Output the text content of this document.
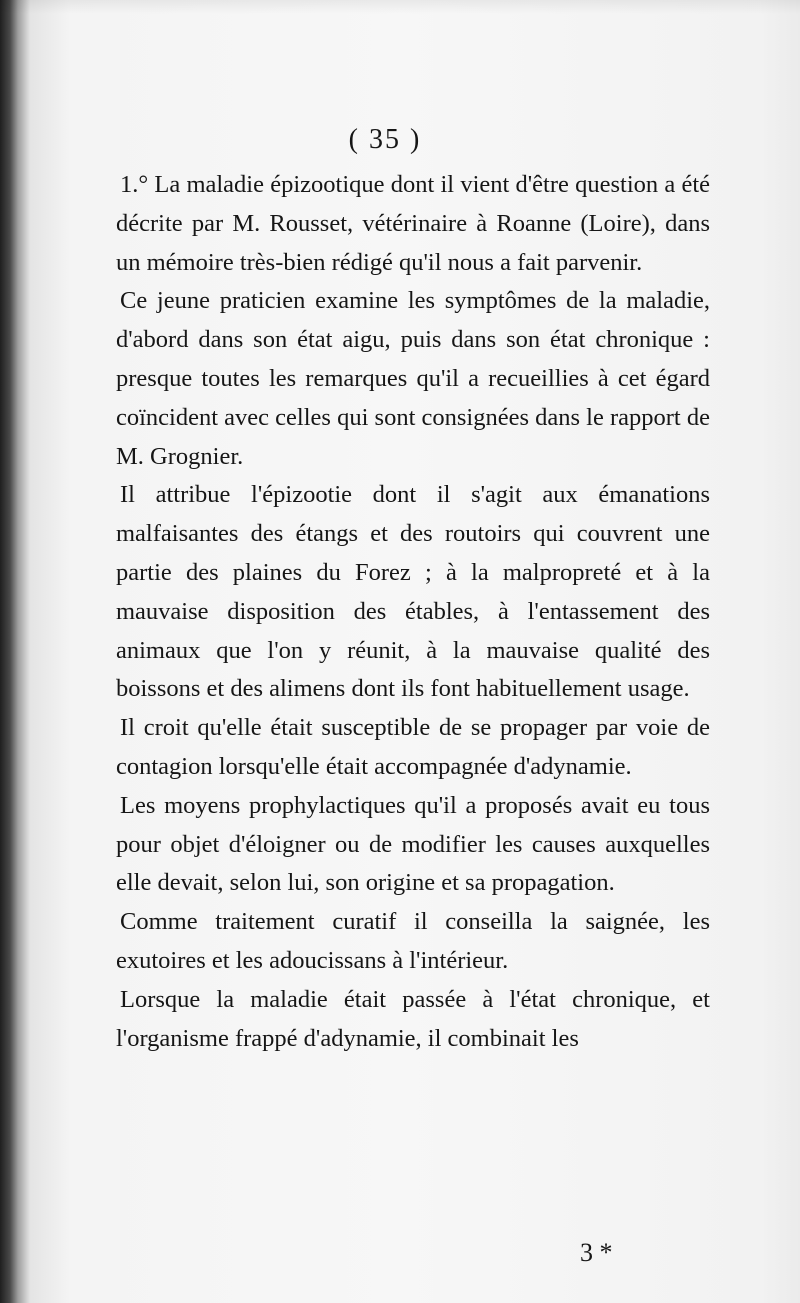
( 35 )

1.° La maladie épizootique dont il vient d'être question a été décrite par M. Rousset, vétérinaire à Roanne (Loire), dans un mémoire très-bien rédigé qu'il nous a fait parvenir.

Ce jeune praticien examine les symptômes de la maladie, d'abord dans son état aigu, puis dans son état chronique : presque toutes les remarques qu'il a recueillies à cet égard coïncident avec celles qui sont consignées dans le rapport de M. Grognier.

Il attribue l'épizootie dont il s'agit aux émanations malfaisantes des étangs et des routoirs qui couvrent une partie des plaines du Forez ; à la malpropreté et à la mauvaise disposition des étables, à l'entassement des animaux que l'on y réunit, à la mauvaise qualité des boissons et des alimens dont ils font habituellement usage.

Il croit qu'elle était susceptible de se propager par voie de contagion lorsqu'elle était accompagnée d'adynamie.

Les moyens prophylactiques qu'il a proposés avait eu tous pour objet d'éloigner ou de modifier les causes auxquelles elle devait, selon lui, son origine et sa propagation.

Comme traitement curatif il conseilla la saignée, les exutoires et les adoucissans à l'intérieur.

Lorsque la maladie était passée à l'état chronique, et l'organisme frappé d'adynamie, il combinait les

3 *
